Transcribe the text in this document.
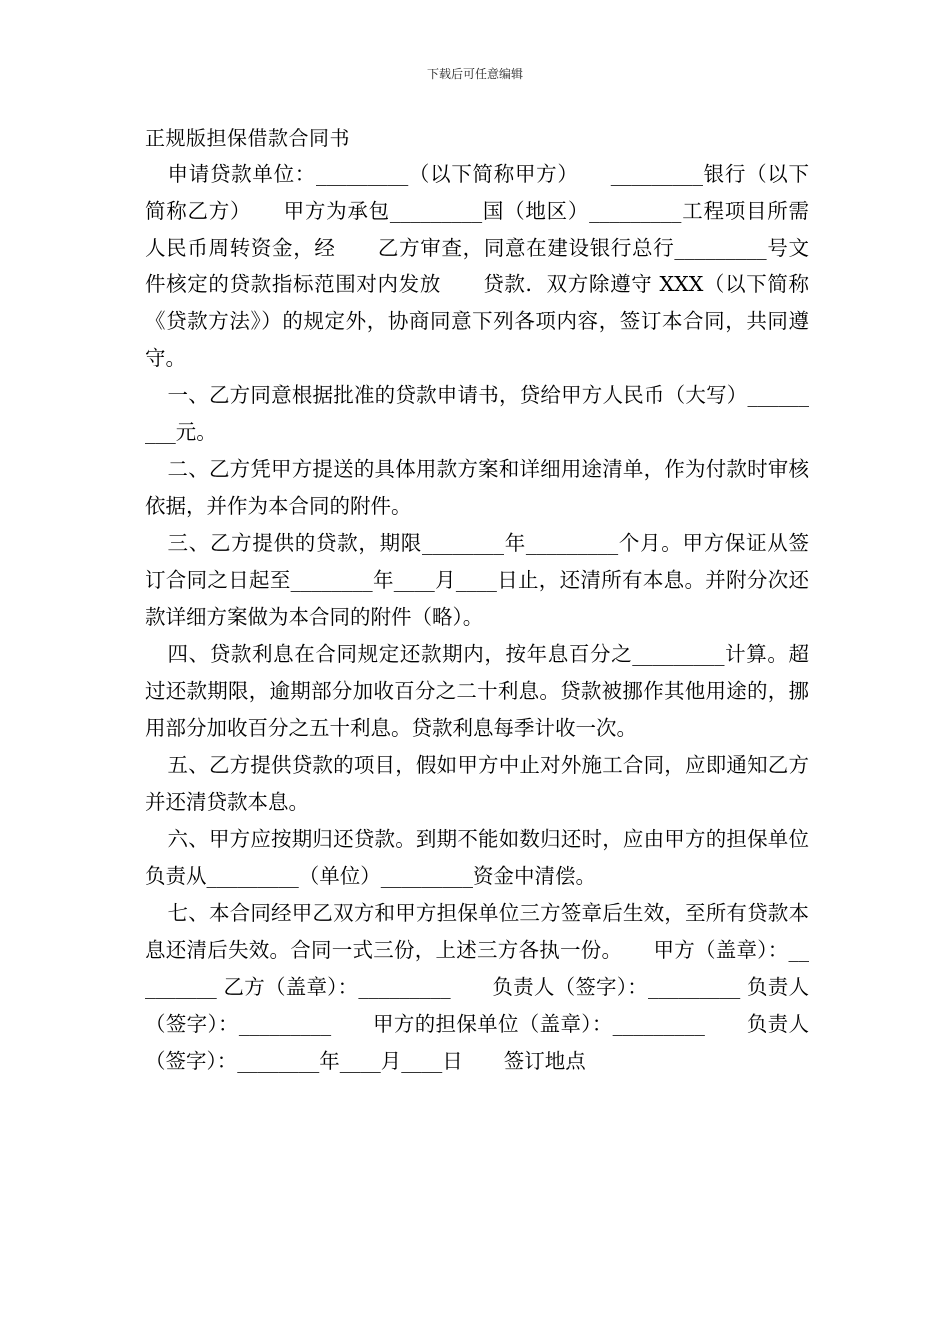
下载后可任意编辑
正规版担保借款合同书

申请贷款单位：_________（以下简称甲方）　　_________银行（以下简称乙方）　　甲方为承包_________国（地区）_________工程项目所需人民币周转资金，经　　乙方审查，同意在建设银行总行_________号文件核定的贷款指标范围对内发放　　贷款．双方除遵守 XXX（以下简称《贷款方法》）的规定外，协商同意下列各项内容，签订本合同，共同遵守。

一、乙方同意根据批准的贷款申请书，贷给甲方人民币（大写）_________元。

二、乙方凭甲方提送的具体用款方案和详细用途清单，作为付款时审核依据，并作为本合同的附件。

三、乙方提供的贷款，期限________年_________个月。甲方保证从签订合同之日起至________年____月____日止，还清所有本息。并附分次还款详细方案做为本合同的附件（略）。

四、贷款利息在合同规定还款期内，按年息百分之_________计算。超过还款期限，逾期部分加收百分之二十利息。贷款被挪作其他用途的，挪用部分加收百分之五十利息。贷款利息每季计收一次。

五、乙方提供贷款的项目，假如甲方中止对外施工合同，应即通知乙方并还清贷款本息。

六、甲方应按期归还贷款。到期不能如数归还时，应由甲方的担保单位负责从_________（单位）_________资金中清偿。

七、本合同经甲乙双方和甲方担保单位三方签章后生效，至所有贷款本息还清后失效。合同一式三份，上述三方各执一份。　　甲方（盖章）：_________ 乙方（盖章）：_________　　负责人（签字）：_________ 负责人（签字）：_________　　甲方的担保单位（盖章）：_________　　负责人（签字）：________年____月____日　　签订地点
